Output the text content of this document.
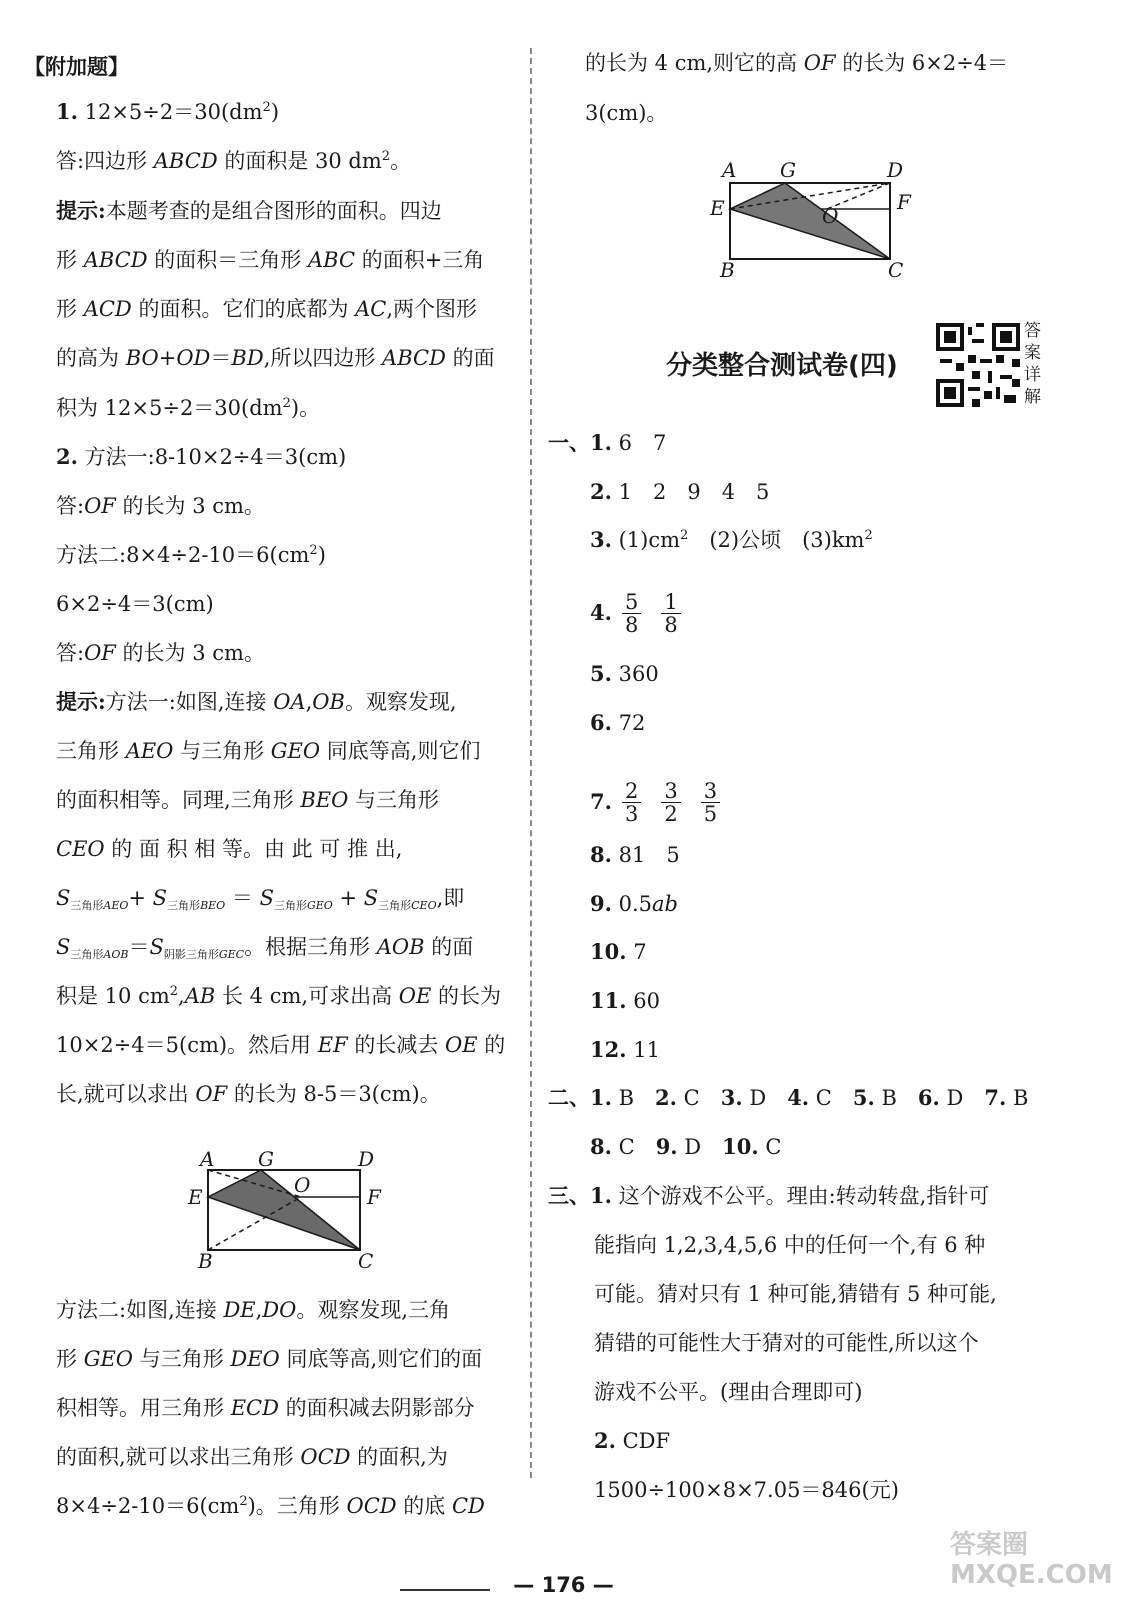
【附加题】
1. $12\times 5\div 2=30(dm^2)$
答:四边形 ABCD 的面积是 30 $dm^2$。
提示:本题考查的是组合图形的面积。四边
形 ABCD 的面积＝三角形 ABC 的面积+三角
形 ACD 的面积。它们的底都为 AC,两个图形
的高为 BO+OD＝BD,所以四边形 ABCD 的面
积为 $12\times 5\div 2=30(dm^2)$。
2. 方法一:8-10×2÷4＝3(cm)
答:OF 的长为 3 cm。
方法二$:8\times 4\div 2-10=6(cm^2)$
6×2÷4＝3(cm)
答:OF 的长为 3 cm。
提示:方法一:如图,连接 OA,OB。观察发现,
三角形 AEO 与三角形 GEO 同底等高,则它们
的面积相等。同理,三角形 BEO 与三角形
CEO 的 面 积 相 等。由 此 可 推 出,
$S_{三角形AEO}+ S_{三角形BEO} = S_{三角形GEO} + S_{三角形CEO}$,即
$S_{三角形AOB}=S_{阴影三角形GEC}$。根据三角形 AOB 的面
积是 10 $cm^2,AB$ 长 4 cm,可求出高 OE 的长为
10×2÷4＝5(cm)。然后用 EF 的长减去 OE 的
长,就可以求出 OF 的长为 8-5＝3(cm)。
方法二:如图,连接 DE,DO。观察发现,三角
形 GEO 与三角形 DEO 同底等高,则它们的面
积相等。用三角形 ECD 的面积减去阴影部分
的面积,就可以求出三角形 OCD 的面积,为
$8\times 4\div 2-10=6(cm^2)$。三角形 OCD 的底 CD
A G	D
E	O	F
B	C
的长为 4 cm,则它的高 OF 的长为 6×2÷4＝
3(cm)。
A G	D
E	O
F
B	C
分类整合测试卷(四)
答案详解
一、1. 6　7
2. 1　2　9　4　5
3. $(1)cm^2$　(2)公顷　$(3)km^2$
5. 360
6. 72
8. 81　5
9. 0.5ab
10. 7
11. 60
12. 11
二、1. B　2. C　3. D　4. C　5. B　6. D　7. B
8. C　9. D　10. C
三、1. 这个游戏不公平。理由:转动转盘,指针可
能指向 1,2,3,4,5,6 中的任何一个,有 6 种
可能。猜对只有 1 种可能,猜错有 5 种可能,
猜错的可能性大于猜对的可能性,所以这个
游戏不公平。(理由合理即可)
2. CDF
1500÷100×8×7.05＝846(元)
4. $\frac{5}{8} \frac{1}{8}$
7. $\frac{2}{3} \frac{3}{2} \frac{3}{5}$
— 176 —
答案圈
MXQE.COM
